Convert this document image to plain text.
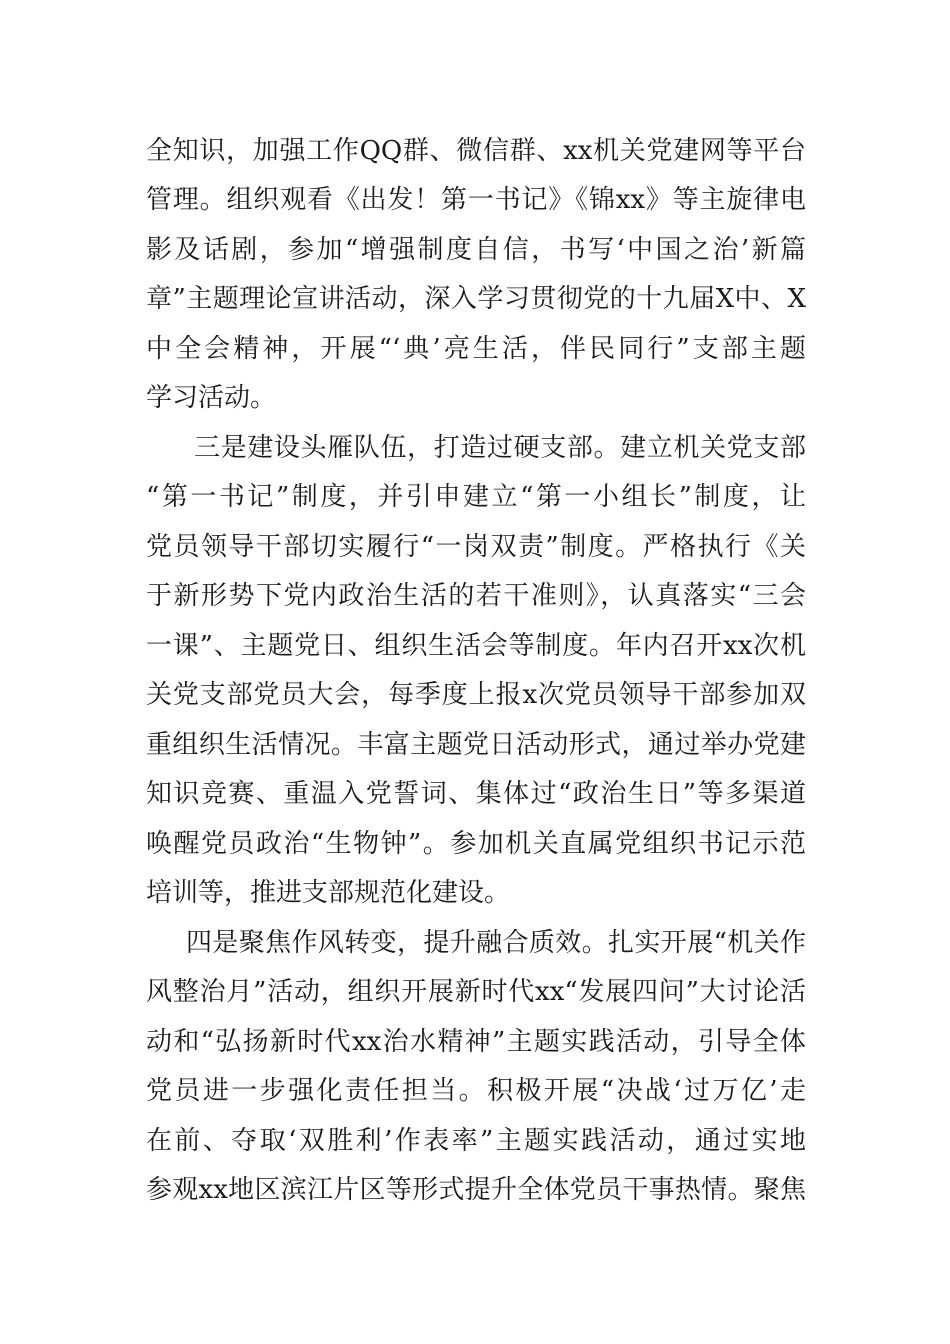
全知识，加强工作QQ群、微信群、xx机关党建网等平台
管理。组织观看《出发！第一书记》《锦xx》等主旋律电
影及话剧，参加“增强制度自信，书写‘中国之治’新篇
章”主题理论宣讲活动，深入学习贯彻党的十九届X中、X
中全会精神，开展“‘典’亮生活，伴民同行”支部主题
学习活动。
三是建设头雁队伍，打造过硬支部。建立机关党支部
“第一书记”制度，并引申建立“第一小组长”制度，让
党员领导干部切实履行“一岗双责”制度。严格执行《关
于新形势下党内政治生活的若干准则》，认真落实“三会
一课”、主题党日、组织生活会等制度。年内召开xx次机
关党支部党员大会，每季度上报x次党员领导干部参加双
重组织生活情况。丰富主题党日活动形式，通过举办党建
知识竞赛、重温入党誓词、集体过“政治生日”等多渠道
唤醒党员政治“生物钟”。参加机关直属党组织书记示范
培训等，推进支部规范化建设。
四是聚焦作风转变，提升融合质效。扎实开展“机关作
风整治月”活动，组织开展新时代xx“发展四问”大讨论活
动和“弘扬新时代xx治水精神”主题实践活动，引导全体
党员进一步强化责任担当。积极开展“决战‘过万亿’走
在前、夺取‘双胜利’作表率”主题实践活动，通过实地
参观xx地区滨江片区等形式提升全体党员干事热情。聚焦
